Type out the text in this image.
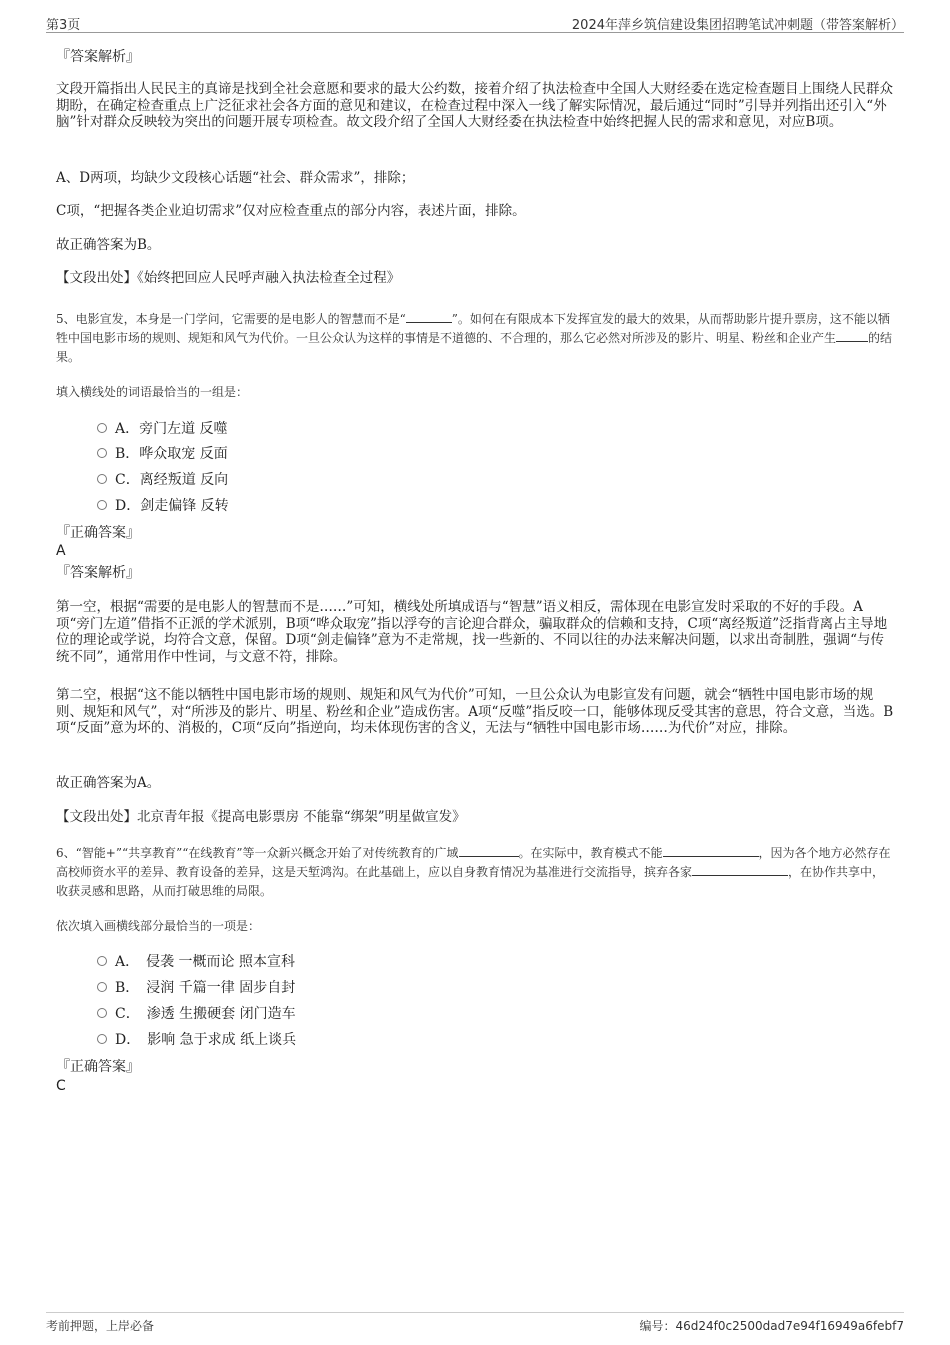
第3页	2024年萍乡筑信建设集团招聘笔试冲刺题（带答案解析）
『答案解析』
文段开篇指出人民民主的真谛是找到全社会意愿和要求的最大公约数，接着介绍了执法检查中全国人大财经委在选定检查题目上围绕人民群众期盼，在确定检查重点上广泛征求社会各方面的意见和建议，在检查过程中深入一线了解实际情况，最后通过“同时”引导并列指出还引入“外脑”针对群众反映较为突出的问题开展专项检查。故文段介绍了全国人大财经委在执法检查中始终把握人民的需求和意见，对应B项。
A、D两项，均缺少文段核心话题“社会、群众需求”，排除；
C项，“把握各类企业迫切需求”仅对应检查重点的部分内容，表述片面，排除。
故正确答案为B。
【文段出处】《始终把回应人民呼声融入执法检查全过程》
5、电影宣发，本身是一门学问，它需要的是电影人的智慧而不是“	”。如何在有限成本下发挥宣发的最大的效果，从而帮助影片提升票房，这不能以牺牲中国电影市场的规则、规矩和风气为代价。一旦公众认为这样的事情是不道德的、不合理的，那么它必然对所涉及的影片、明星、粉丝和企业产生	的结果。
填入横线处的词语最恰当的一组是：
A．旁门左道 反噬
B．哗众取宠 反面
C．离经叛道 反向
D．剑走偏锋 反转
『正确答案』
A
『答案解析』
第一空，根据“需要的是电影人的智慧而不是……”可知，横线处所填成语与“智慧”语义相反，需体现在电影宣发时采取的不好的手段。A项“旁门左道”借指不正派的学术派别，B项“哗众取宠”指以浮夸的言论迎合群众，骗取群众的信赖和支持，C项“离经叛道”泛指背离占主导地位的理论或学说，均符合文意，保留。D项“剑走偏锋”意为不走常规，找一些新的、不同以往的办法来解决问题，以求出奇制胜，强调“与传统不同”，通常用作中性词，与文意不符，排除。
第二空，根据“这不能以牺牲中国电影市场的规则、规矩和风气为代价”可知，一旦公众认为电影宣发有问题，就会“牺牲中国电影市场的规则、规矩和风气”，对“所涉及的影片、明星、粉丝和企业”造成伤害。A项“反噬”指反咬一口，能够体现反受其害的意思，符合文意，当选。B项“反面”意为坏的、消极的，C项“反向”指逆向，均未体现伤害的含义，无法与“牺牲中国电影市场……为代价”对应，排除。
故正确答案为A。
【文段出处】北京青年报《提高电影票房 不能靠“绑架”明星做宣发》
6、“智能+”“共享教育”“在线教育”等一众新兴概念开始了对传统教育的广域	。在实际中，教育模式不能	，因为各个地方必然存在高校师资水平的差异、教育设备的差异，这是天堑鸿沟。在此基础上，应以自身教育情况为基准进行交流指导，摈弃各家	，在协作共享中，收获灵感和思路，从而打破思维的局限。
依次填入画横线部分最恰当的一项是：
A．　侵袭 一概而论 照本宣科
B．　浸润 千篇一律 固步自封
C．　渗透 生搬硬套 闭门造车
D．　影响 急于求成 纸上谈兵
『正确答案』
C
考前押题，上岸必备	编号：46d24f0c2500dad7e94f16949a6febf7
